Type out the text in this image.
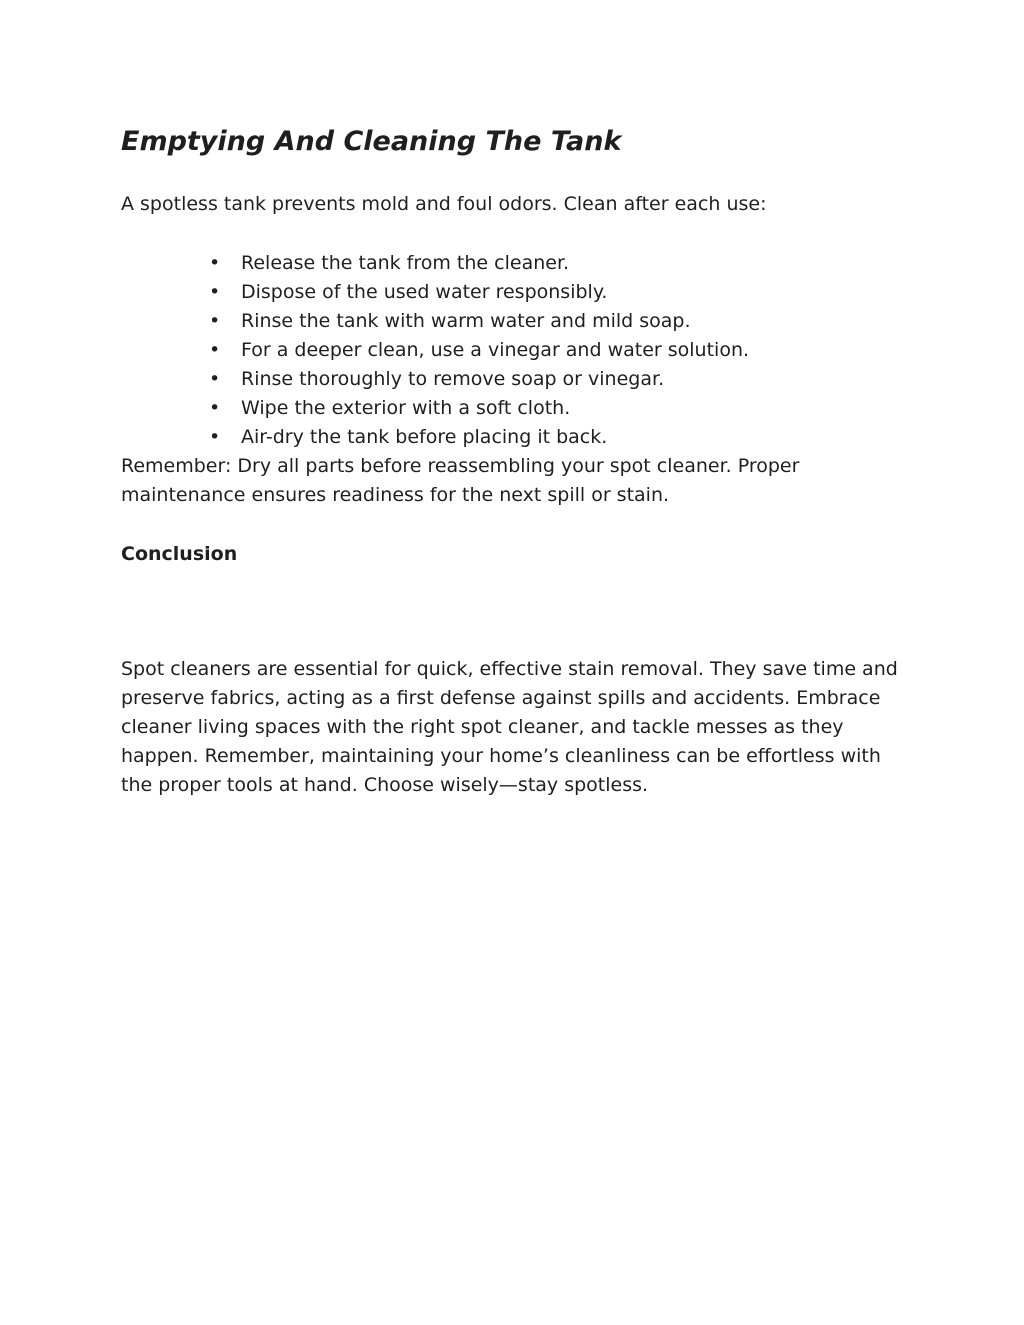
Emptying And Cleaning The Tank

A spotless tank prevents mold and foul odors. Clean after each use:

• Release the tank from the cleaner.
• Dispose of the used water responsibly.
• Rinse the tank with warm water and mild soap.
• For a deeper clean, use a vinegar and water solution.
• Rinse thoroughly to remove soap or vinegar.
• Wipe the exterior with a soft cloth.
• Air-dry the tank before placing it back.

Remember: Dry all parts before reassembling your spot cleaner. Proper maintenance ensures readiness for the next spill or stain.

Conclusion

Spot cleaners are essential for quick, effective stain removal. They save time and preserve fabrics, acting as a first defense against spills and accidents. Embrace cleaner living spaces with the right spot cleaner, and tackle messes as they happen. Remember, maintaining your home’s cleanliness can be effortless with the proper tools at hand. Choose wisely—stay spotless.
